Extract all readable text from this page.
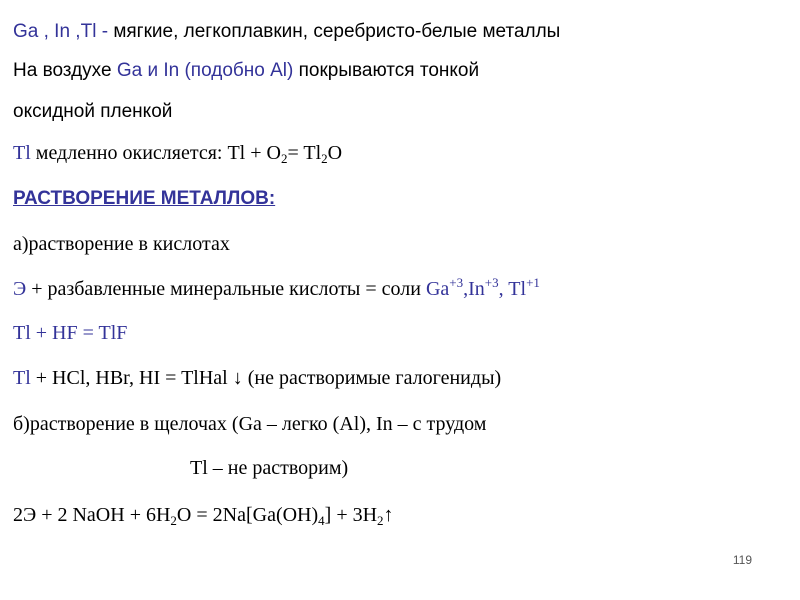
Ga , In ,Tl - мягкие, легкоплавкин, серебристо-белые металлы
На воздухе Ga и In (подобно Al) покрываются тонкой
оксидной пленкой
Tl медленно окисляется: $Tl + O_2= Tl_2O$
РАСТВОРЕНИЕ МЕТАЛЛОВ:
а)растворение в кислотах
Э + разбавленные минеральные кислоты = соли $Ga^{+3},In^{+3}$, $Tl^{+1}$
Tl + HF = TlF
Tl + HCl, HBr, HI = TlHal ↓ (не растворимые галогениды)
б)растворение в щелочах (Ga – легко (Al), In – с трудом
Tl – не растворим)
2Э + 2 NaOH + $6H_2O = 2Na[Ga(OH)_4]$ + $3H_2↑$
119
